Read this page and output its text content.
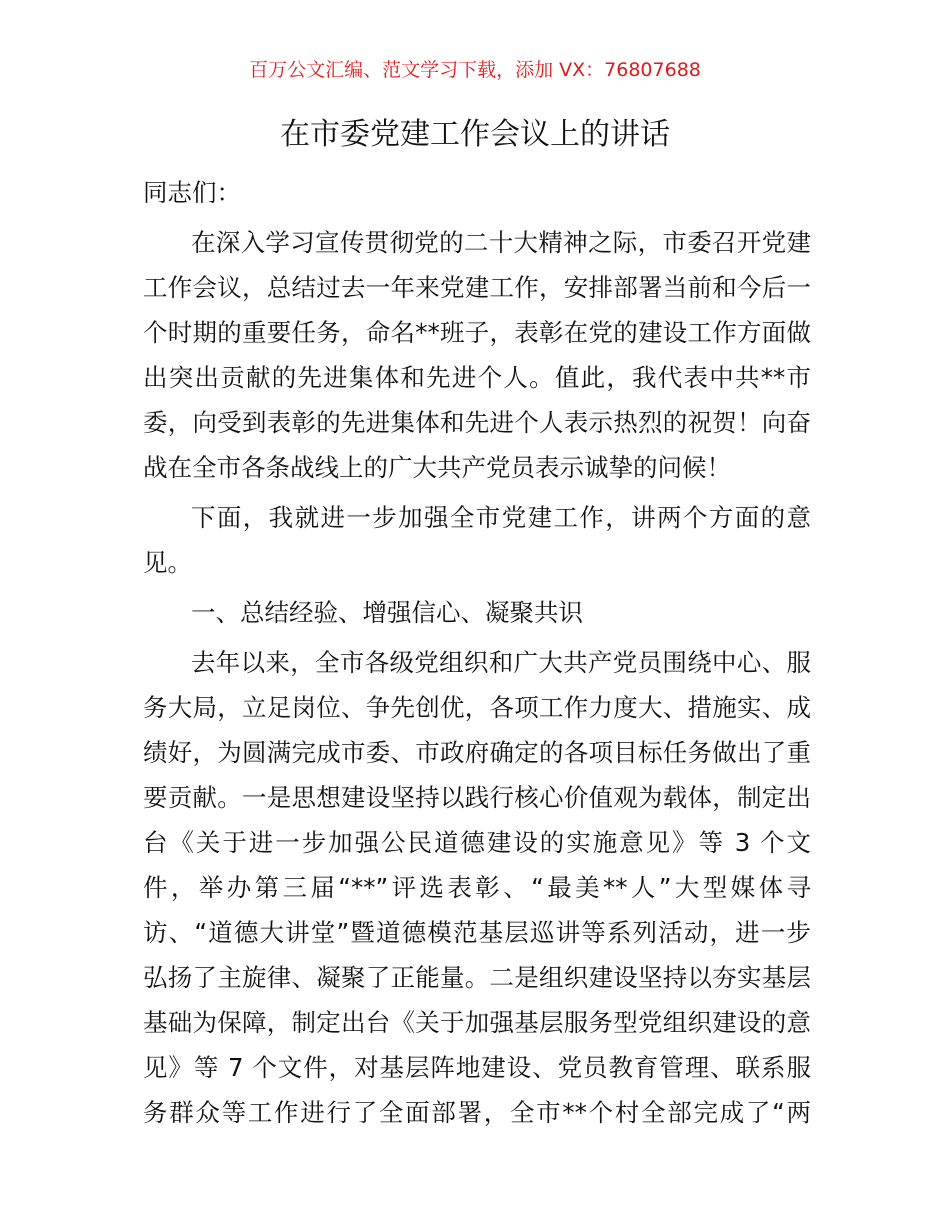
百万公文汇编、范文学习下载，添加 VX：76807688
在市委党建工作会议上的讲话
同志们：
在深入学习宣传贯彻党的二十大精神之际，市委召开党建
工作会议，总结过去一年来党建工作，安排部署当前和今后一
个时期的重要任务，命名**班子，表彰在党的建设工作方面做
出突出贡献的先进集体和先进个人。值此，我代表中共**市
委，向受到表彰的先进集体和先进个人表示热烈的祝贺！向奋
战在全市各条战线上的广大共产党员表示诚挚的问候！
下面，我就进一步加强全市党建工作，讲两个方面的意
见。
一、总结经验、增强信心、凝聚共识
去年以来，全市各级党组织和广大共产党员围绕中心、服
务大局，立足岗位、争先创优，各项工作力度大、措施实、成
绩好，为圆满完成市委、市政府确定的各项目标任务做出了重
要贡献。一是思想建设坚持以践行核心价值观为载体，制定出
台《关于进一步加强公民道德建设的实施意见》等 3 个文
件，举办第三届“**”评选表彰、“最美**人”大型媒体寻
访、“道德大讲堂”暨道德模范基层巡讲等系列活动，进一步
弘扬了主旋律、凝聚了正能量。二是组织建设坚持以夯实基层
基础为保障，制定出台《关于加强基层服务型党组织建设的意
见》等 7 个文件，对基层阵地建设、党员教育管理、联系服
务群众等工作进行了全面部署，全市**个村全部完成了“两
